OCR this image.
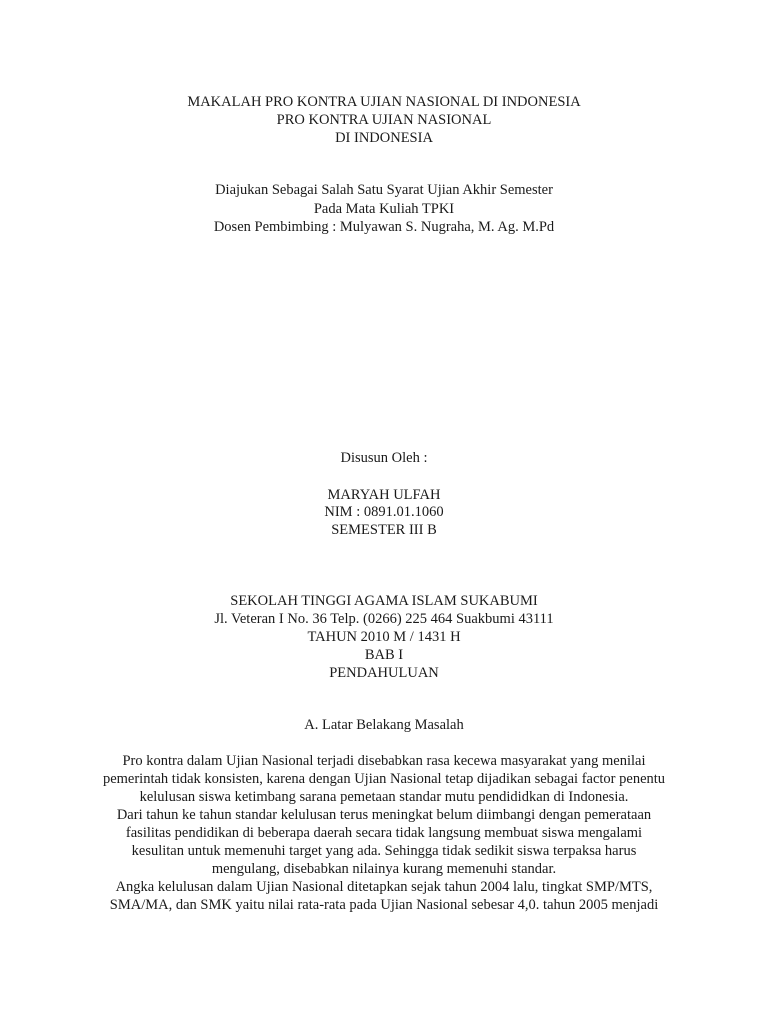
MAKALAH PRO KONTRA UJIAN NASIONAL DI INDONESIA
PRO KONTRA UJIAN NASIONAL
DI INDONESIA
Diajukan Sebagai Salah Satu Syarat Ujian Akhir Semester
Pada Mata Kuliah TPKI
Dosen Pembimbing : Mulyawan S. Nugraha, M. Ag. M.Pd
Disusun Oleh :
MARYAH ULFAH
NIM : 0891.01.1060
SEMESTER III B
SEKOLAH TINGGI AGAMA ISLAM SUKABUMI
Jl. Veteran I No. 36 Telp. (0266) 225 464 Suakbumi 43111
TAHUN 2010 M / 1431 H
BAB I
PENDAHULUAN
A. Latar Belakang Masalah
Pro kontra dalam Ujian Nasional terjadi disebabkan rasa kecewa masyarakat yang menilai
pemerintah tidak konsisten, karena dengan Ujian Nasional tetap dijadikan sebagai factor penentu
kelulusan siswa ketimbang sarana pemetaan standar mutu pendididkan di Indonesia.
Dari tahun ke tahun standar kelulusan terus meningkat belum diimbangi dengan pemerataan
fasilitas pendidikan di beberapa daerah secara tidak langsung membuat siswa mengalami
kesulitan untuk memenuhi target yang ada. Sehingga tidak sedikit siswa terpaksa harus
mengulang, disebabkan nilainya kurang memenuhi standar.
Angka kelulusan dalam Ujian Nasional ditetapkan sejak tahun 2004 lalu, tingkat SMP/MTS,
SMA/MA, dan SMK yaitu nilai rata-rata pada Ujian Nasional sebesar 4,0. tahun 2005 menjadi
